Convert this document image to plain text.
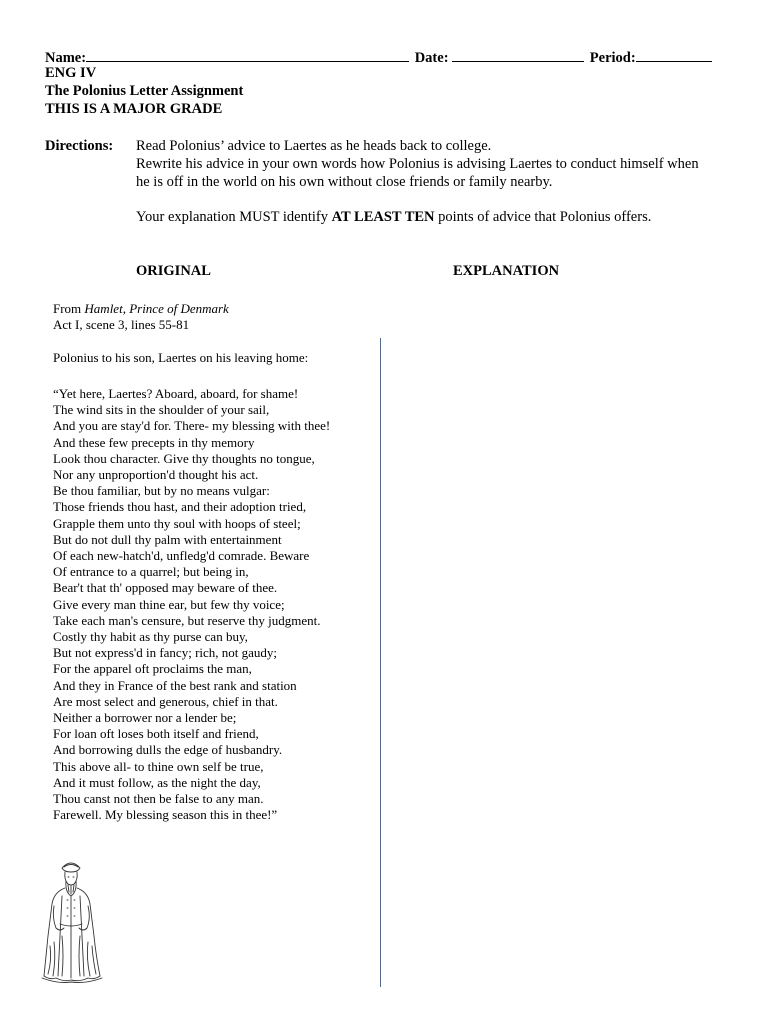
Name:	Date:	Period:
ENG IV
The Polonius Letter Assignment
THIS IS A MAJOR GRADE
Directions: Read Polonius’ advice to Laertes as he heads back to college.
Rewrite his advice in your own words how Polonius is advising Laertes to conduct himself when
he is off in the world on his own without close friends or family nearby.
Your explanation MUST identify AT LEAST TEN points of advice that Polonius offers.
ORIGINAL	EXPLANATION
From Hamlet, Prince of Denmark
Act I, scene 3, lines 55-81
Polonius to his son, Laertes on his leaving home:
“Yet here, Laertes? Aboard, aboard, for shame!
The wind sits in the shoulder of your sail,
And you are stay'd for. There- my blessing with thee!
And these few precepts in thy memory
Look thou character. Give thy thoughts no tongue,
Nor any unproportion'd thought his act.
Be thou familiar, but by no means vulgar:
Those friends thou hast, and their adoption tried,
Grapple them unto thy soul with hoops of steel;
But do not dull thy palm with entertainment
Of each new-hatch'd, unfledg'd comrade. Beware
Of entrance to a quarrel; but being in,
Bear't that th' opposed may beware of thee.
Give every man thine ear, but few thy voice;
Take each man's censure, but reserve thy judgment.
Costly thy habit as thy purse can buy,
But not express'd in fancy; rich, not gaudy;
For the apparel oft proclaims the man,
And they in France of the best rank and station
Are most select and generous, chief in that.
Neither a borrower nor a lender be;
For loan oft loses both itself and friend,
And borrowing dulls the edge of husbandry.
This above all- to thine own self be true,
And it must follow, as the night the day,
Thou canst not then be false to any man.
Farewell. My blessing season this in thee!”
